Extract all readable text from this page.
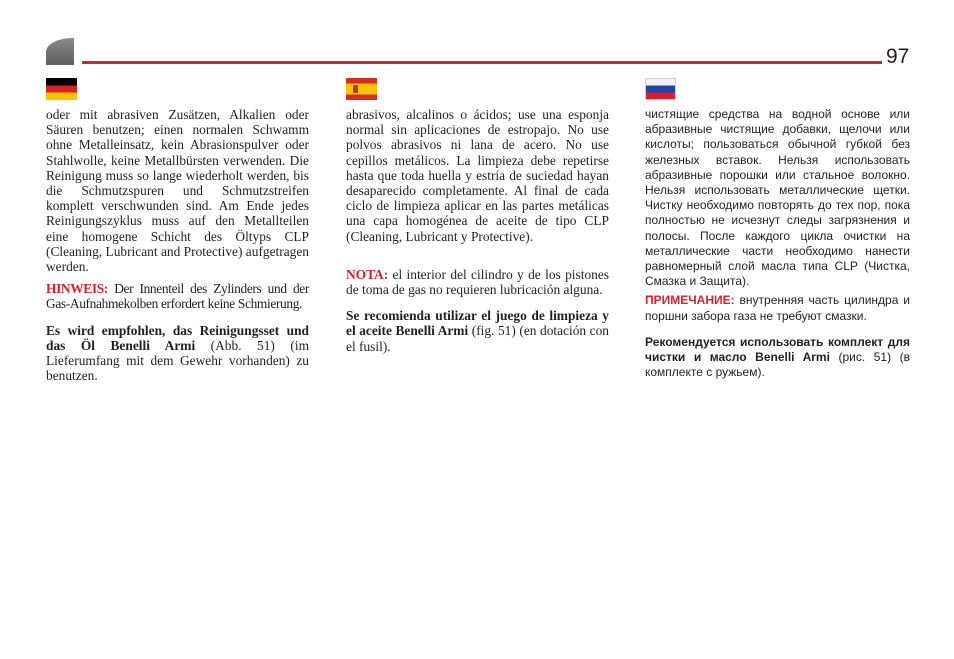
97

oder mit abrasiven Zusätzen, Alkalien oder Säuren benutzen; einen normalen Schwamm ohne Metalleinsatz, kein Abrasionspulver oder Stahlwolle, keine Metallbürsten verwenden. Die Reinigung muss so lange wiederholt werden, bis die Schmutzspuren und Schmutzstreifen komplett verschwunden sind. Am Ende jedes Reinigungszyklus muss auf den Metallteilen eine homogene Schicht des Öltyps CLP (Cleaning, Lubricant and Protective) aufgetragen werden.

HINWEIS: Der Innenteil des Zylinders und der Gas-Aufnahmekolben erfordert keine Schmierung.

Es wird empfohlen, das Reinigungsset und das Öl Benelli Armi (Abb. 51) (im Lieferumfang mit dem Gewehr vorhanden) zu benutzen.

abrasivos, alcalinos o ácidos; use una esponja normal sin aplicaciones de estropajo. No use polvos abrasivos ni lana de acero. No use cepillos metálicos. La limpieza debe repetirse hasta que toda huella y estría de suciedad hayan desaparecido completamente. Al final de cada ciclo de limpieza aplicar en las partes metálicas una capa homogénea de aceite de tipo CLP (Cleaning, Lubricant y Protective).

NOTA: el interior del cilindro y de los pistones de toma de gas no requieren lubricación alguna.

Se recomienda utilizar el juego de limpieza y el aceite Benelli Armi (fig. 51) (en dotación con el fusil).

чистящие средства на водной основе или абразивные чистящие добавки, щелочи или кислоты; пользоваться обычной губкой без железных вставок. Нельзя использовать абразивные порошки или стальное волокно. Нельзя использовать металлические щетки. Чистку необходимо повторять до тех пор, пока полностью не исчезнут следы загрязнения и полосы. После каждого цикла очистки на металлические части необходимо нанести равномерный слой масла типа CLP (Чистка, Смазка и Защита).

ПРИМЕЧАНИЕ: внутренняя часть цилиндра и поршни забора газа не требуют смазки.

Рекомендуется использовать комплект для чистки и масло Benelli Armi (рис. 51) (в комплекте с ружьем).
